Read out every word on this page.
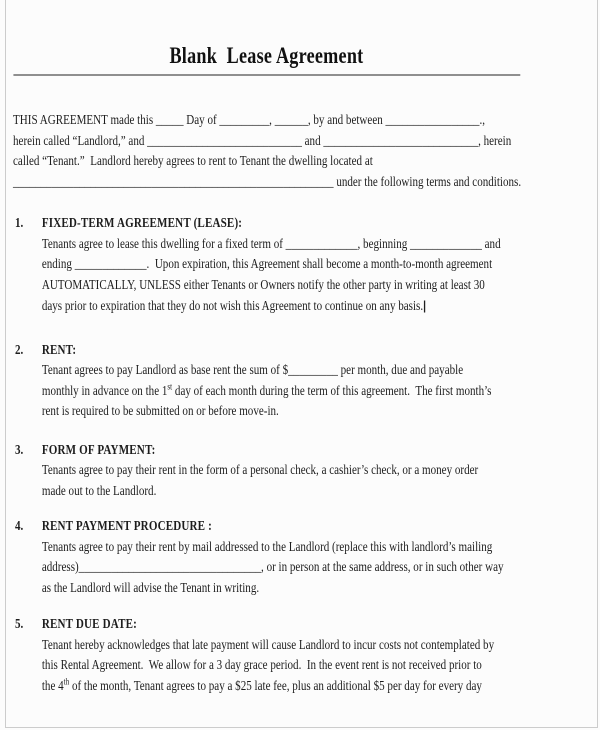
Blank  Lease Agreement
THIS AGREEMENT made this _____ Day of _________, ______, by and between _________________.,
herein called “Landlord,” and ____________________________ and ____________________________, herein
called “Tenant.”  Landlord hereby agrees to rent to Tenant the dwelling located at
__________________________________________________________ under the following terms and conditions.
1.	FIXED-TERM AGREEMENT (LEASE):
Tenants agree to lease this dwelling for a fixed term of _____________, beginning _____________ and
ending _____________.  Upon expiration, this Agreement shall become a month-to-month agreement
AUTOMATICALLY, UNLESS either Tenants or Owners notify the other party in writing at least 30
days prior to expiration that they do not wish this Agreement to continue on any basis.|
2.	RENT:
Tenant agrees to pay Landlord as base rent the sum of $_________ per month, due and payable
monthly in advance on the 1st day of each month during the term of this agreement.  The first month’s
rent is required to be submitted on or before move-in.
3.	FORM OF PAYMENT:
Tenants agree to pay their rent in the form of a personal check, a cashier’s check, or a money order
made out to the Landlord.
4.	RENT PAYMENT PROCEDURE :
Tenants agree to pay their rent by mail addressed to the Landlord (replace this with landlord’s mailing
address)_________________________________, or in person at the same address, or in such other way
as the Landlord will advise the Tenant in writing.
5.	RENT DUE DATE:
Tenant hereby acknowledges that late payment will cause Landlord to incur costs not contemplated by
this Rental Agreement.  We allow for a 3 day grace period.  In the event rent is not received prior to
the 4th of the month, Tenant agrees to pay a $25 late fee, plus an additional $5 per day for every day
